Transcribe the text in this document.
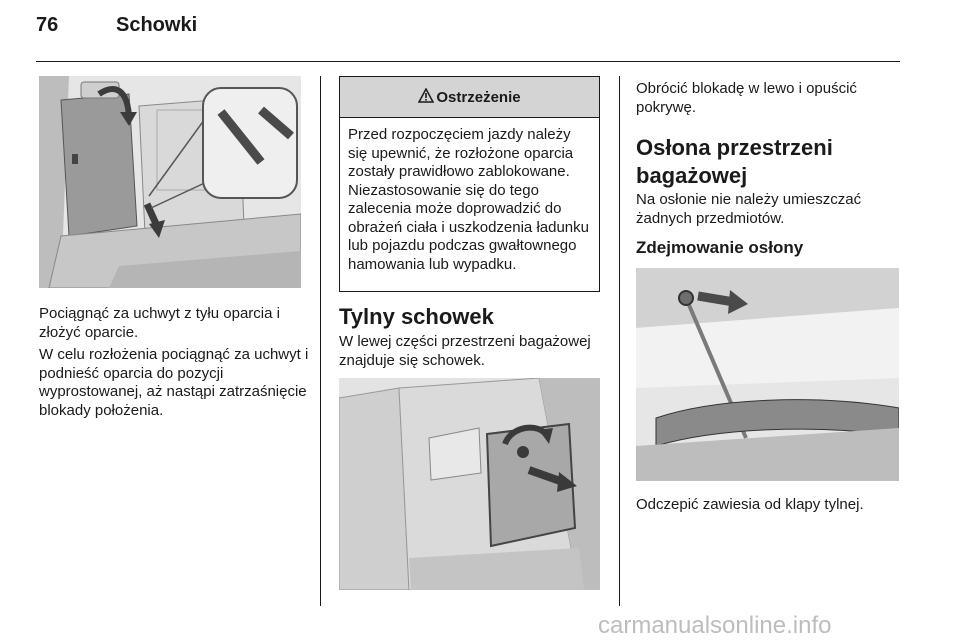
76	Schowki

Pociągnąć za uchwyt z tyłu oparcia i złożyć oparcie.

W celu rozłożenia pociągnąć za uchwyt i podnieść oparcia do pozycji wyprostowanej, aż nastąpi zatrzaśnięcie blokady położenia.

Ostrzeżenie

Przed rozpoczęciem jazdy należy się upewnić, że rozłożone oparcia zostały prawidłowo zablokowane. Niezastosowanie się do tego zalecenia może doprowadzić do obrażeń ciała i uszkodzenia ładunku lub pojazdu podczas gwałtownego hamowania lub wypadku.

Tylny schowek

W lewej części przestrzeni bagażowej znajduje się schowek.

Obrócić blokadę w lewo i opuścić pokrywę.

Osłona przestrzeni bagażowej

Na osłonie nie należy umieszczać żadnych przedmiotów.

Zdejmowanie osłony

Odczepić zawiesia od klapy tylnej.

carmanualsonline.info
